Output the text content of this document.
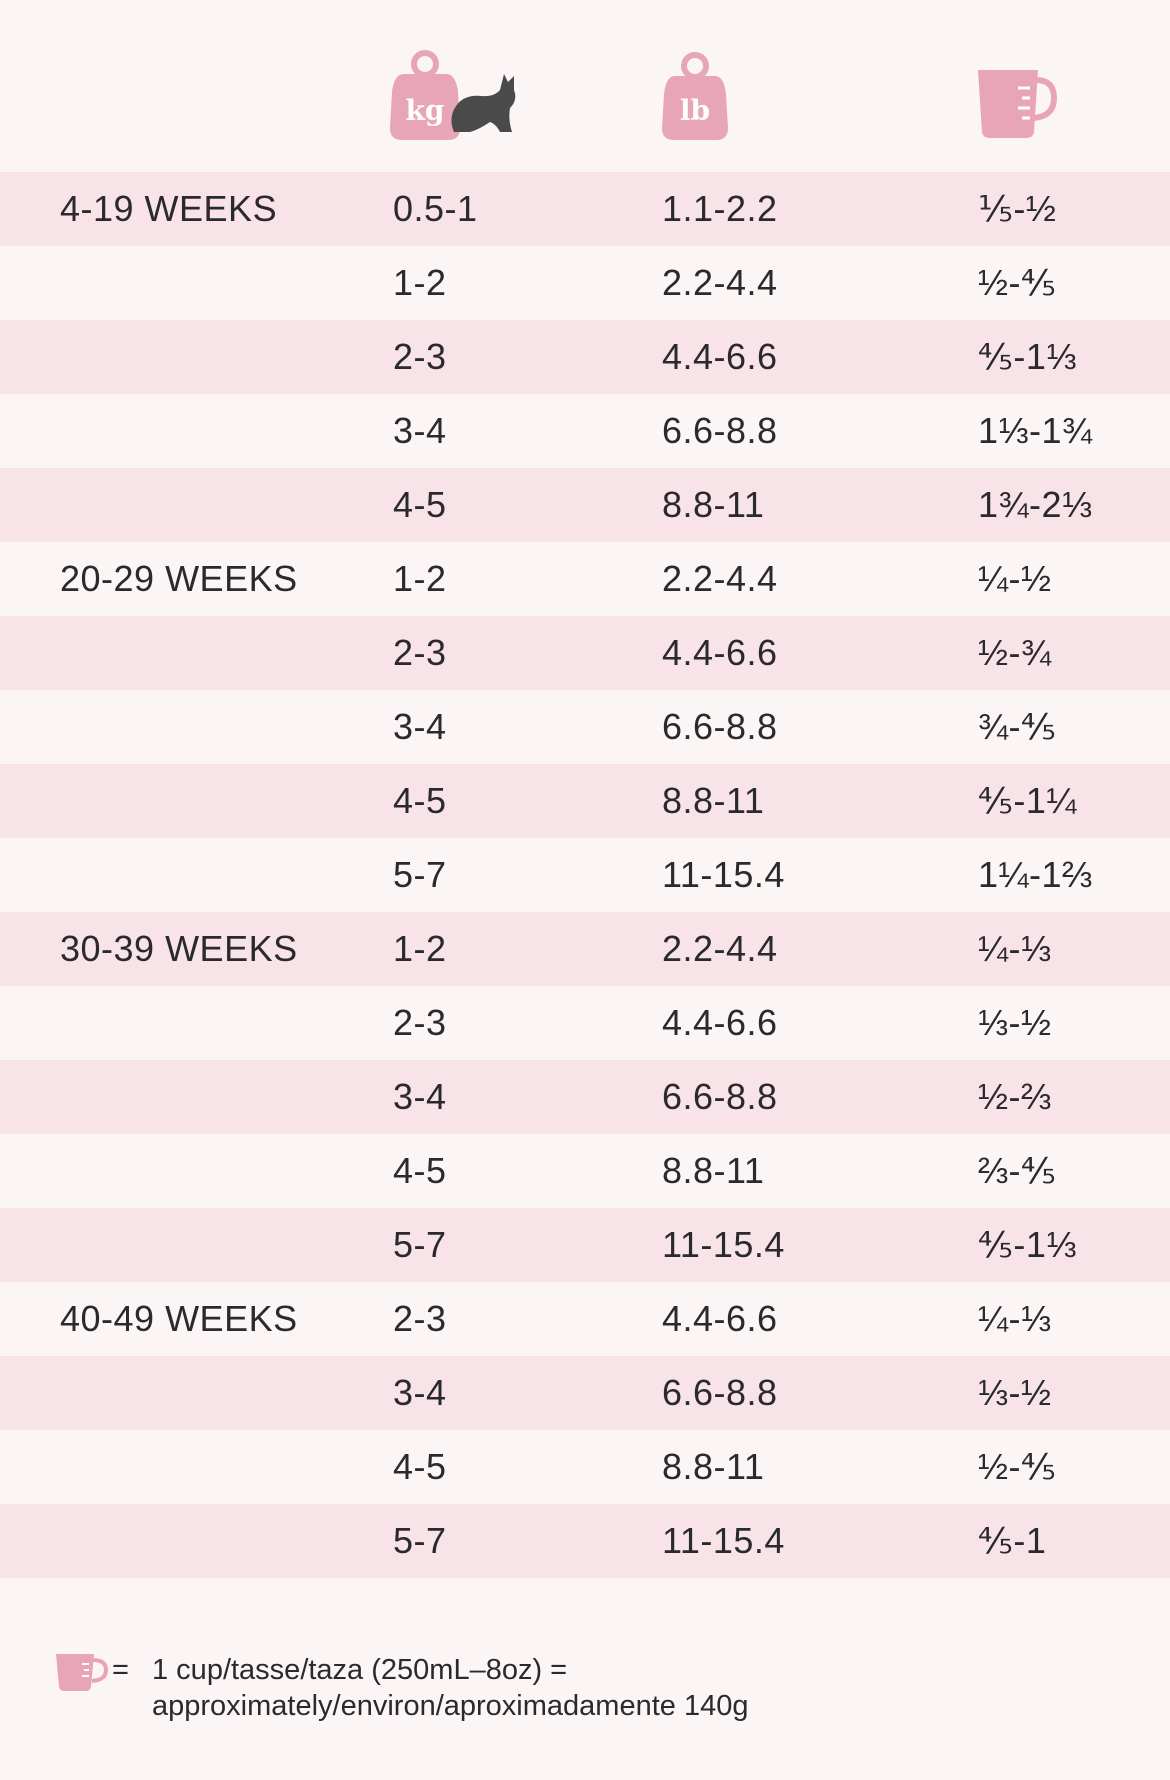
kg	lb
4-19 WEEKS	0.5-1	1.1-2.2	⅕-½
1-2	2.2-4.4	½-⅘
2-3	4.4-6.6	⅘-1⅓
3-4	6.6-8.8	1⅓-1¾
4-5	8.8-11	1¾-2⅓
20-29 WEEKS	1-2	2.2-4.4	¼-½
2-3	4.4-6.6	½-¾
3-4	6.6-8.8	¾-⅘
4-5	8.8-11	⅘-1¼
5-7	11-15.4	1¼-1⅔
30-39 WEEKS	1-2	2.2-4.4	¼-⅓
2-3	4.4-6.6	⅓-½
3-4	6.6-8.8	½-⅔
4-5	8.8-11	⅔-⅘
5-7	11-15.4	⅘-1⅓
40-49 WEEKS	2-3	4.4-6.6	¼-⅓
3-4	6.6-8.8	⅓-½
4-5	8.8-11	½-⅘
5-7	11-15.4	⅘-1
= 1 cup/tasse/taza (250mL–8oz) =
approximately/environ/aproximadamente 140g
